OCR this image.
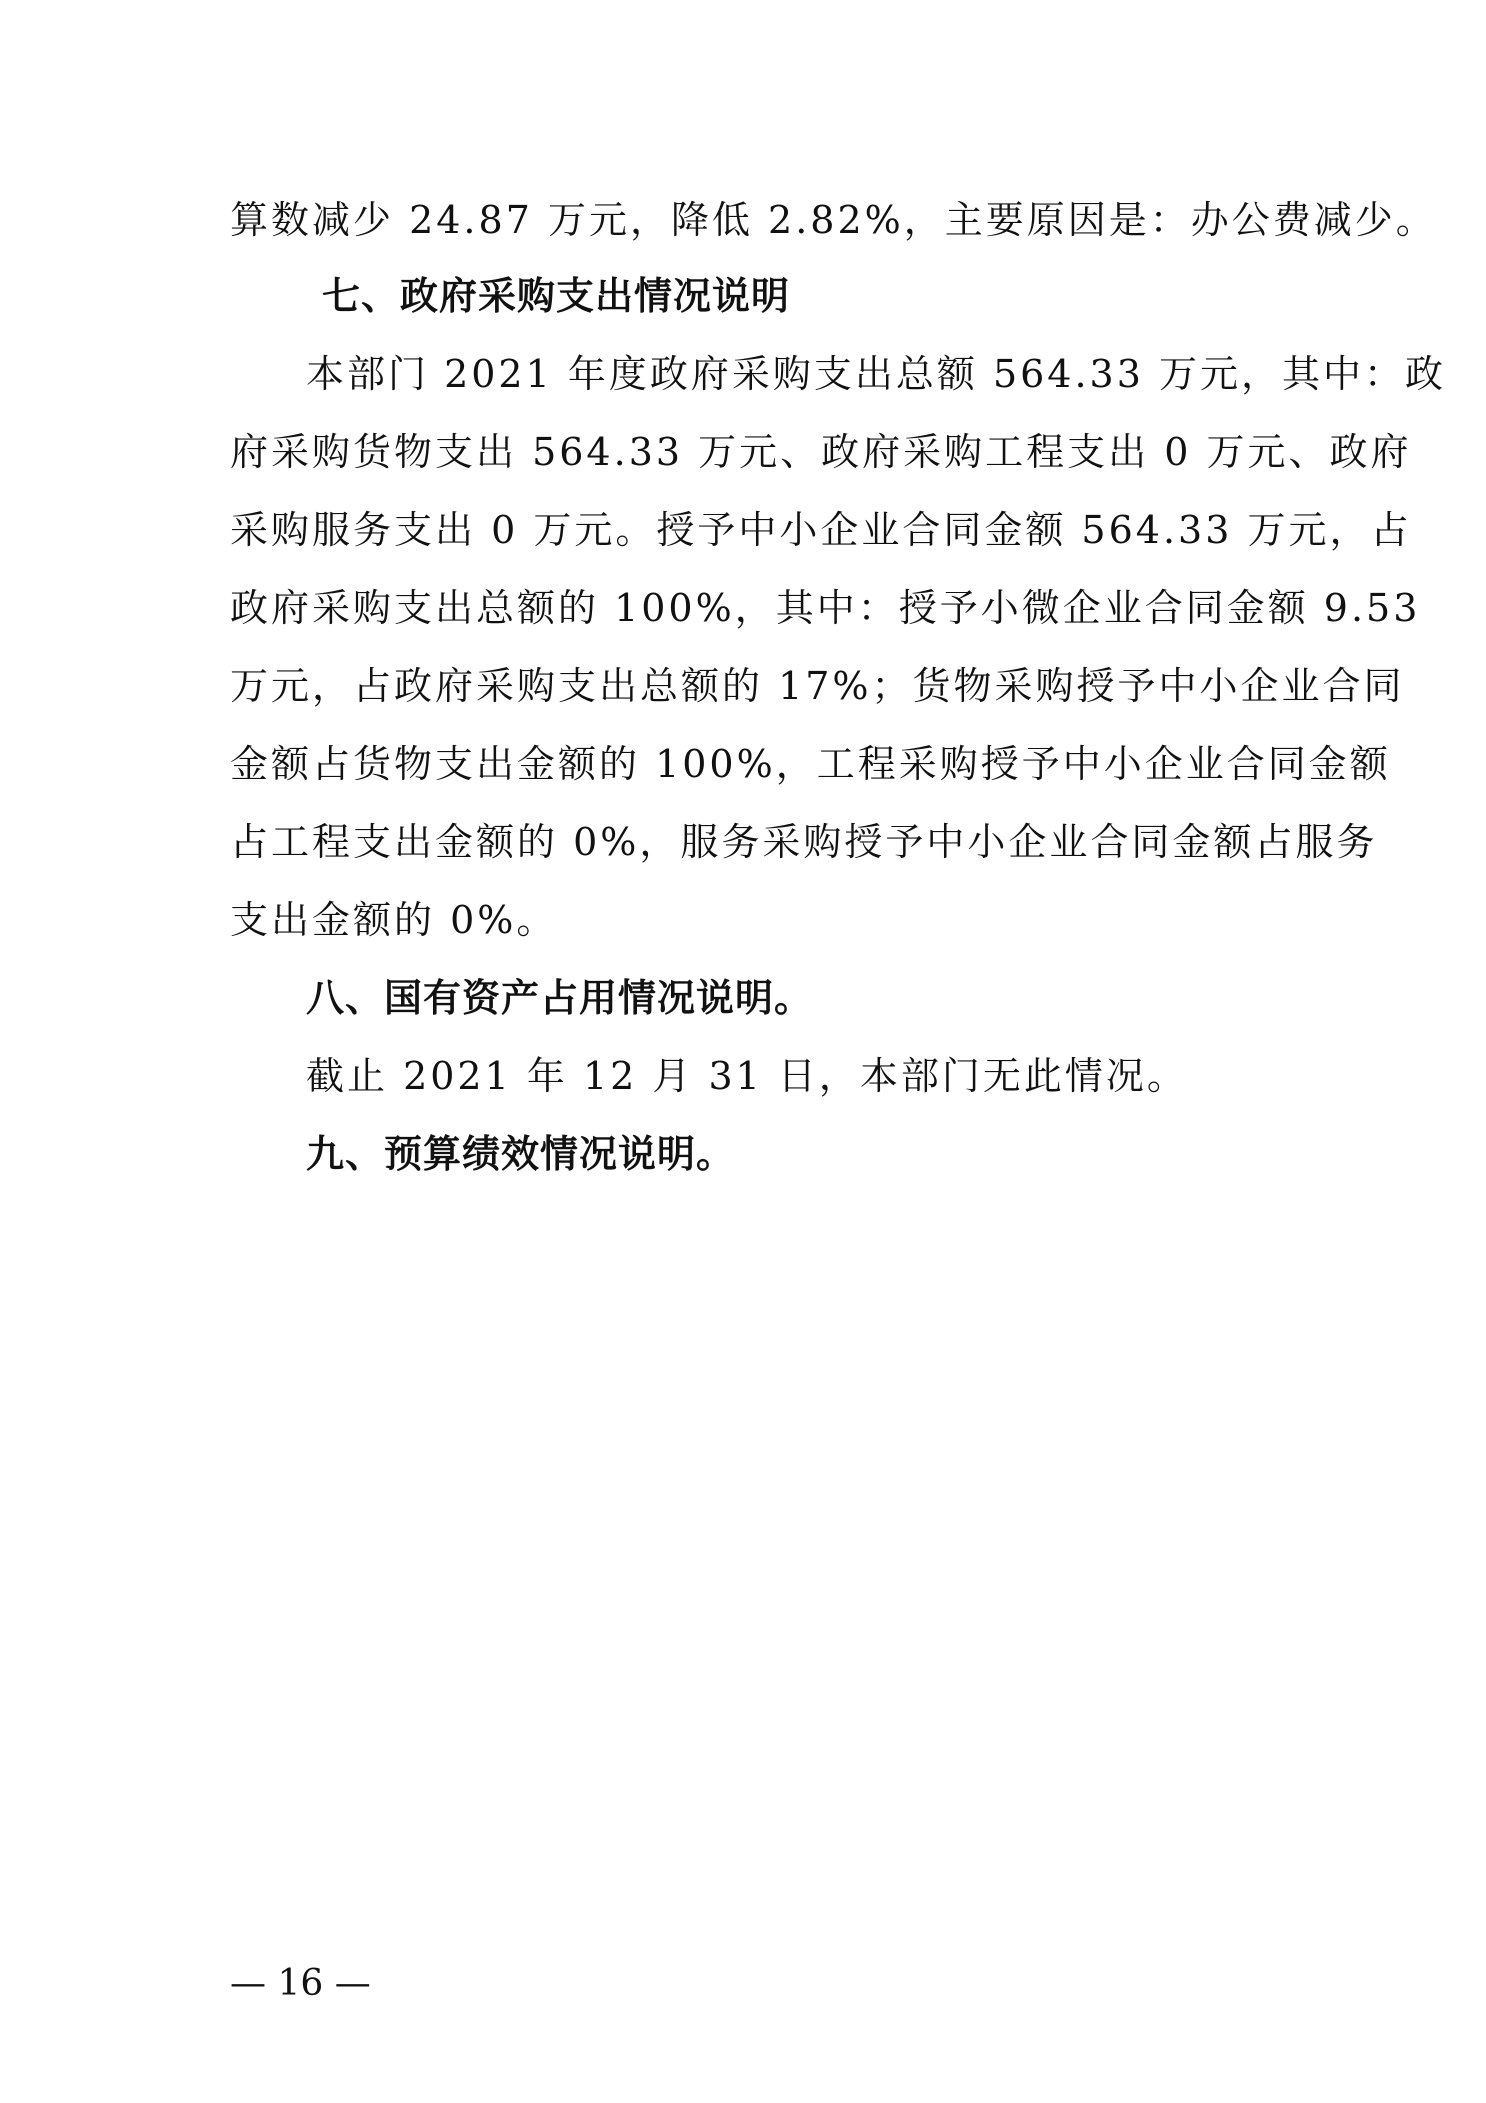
算数减少 24.87 万元，降低 2.82%，主要原因是：办公费减少。
七、政府采购支出情况说明
本部门 2021 年度政府采购支出总额 564.33 万元，其中：政
府采购货物支出 564.33 万元、政府采购工程支出 0 万元、政府
采购服务支出 0 万元。授予中小企业合同金额 564.33 万元，占
政府采购支出总额的 100%，其中：授予小微企业合同金额 9.53
万元，占政府采购支出总额的 17%；货物采购授予中小企业合同
金额占货物支出金额的 100%，工程采购授予中小企业合同金额
占工程支出金额的 0%，服务采购授予中小企业合同金额占服务
支出金额的 0%。
八、国有资产占用情况说明。
截止 2021 年 12 月 31 日，本部门无此情况。
九、预算绩效情况说明。
— 16 —
